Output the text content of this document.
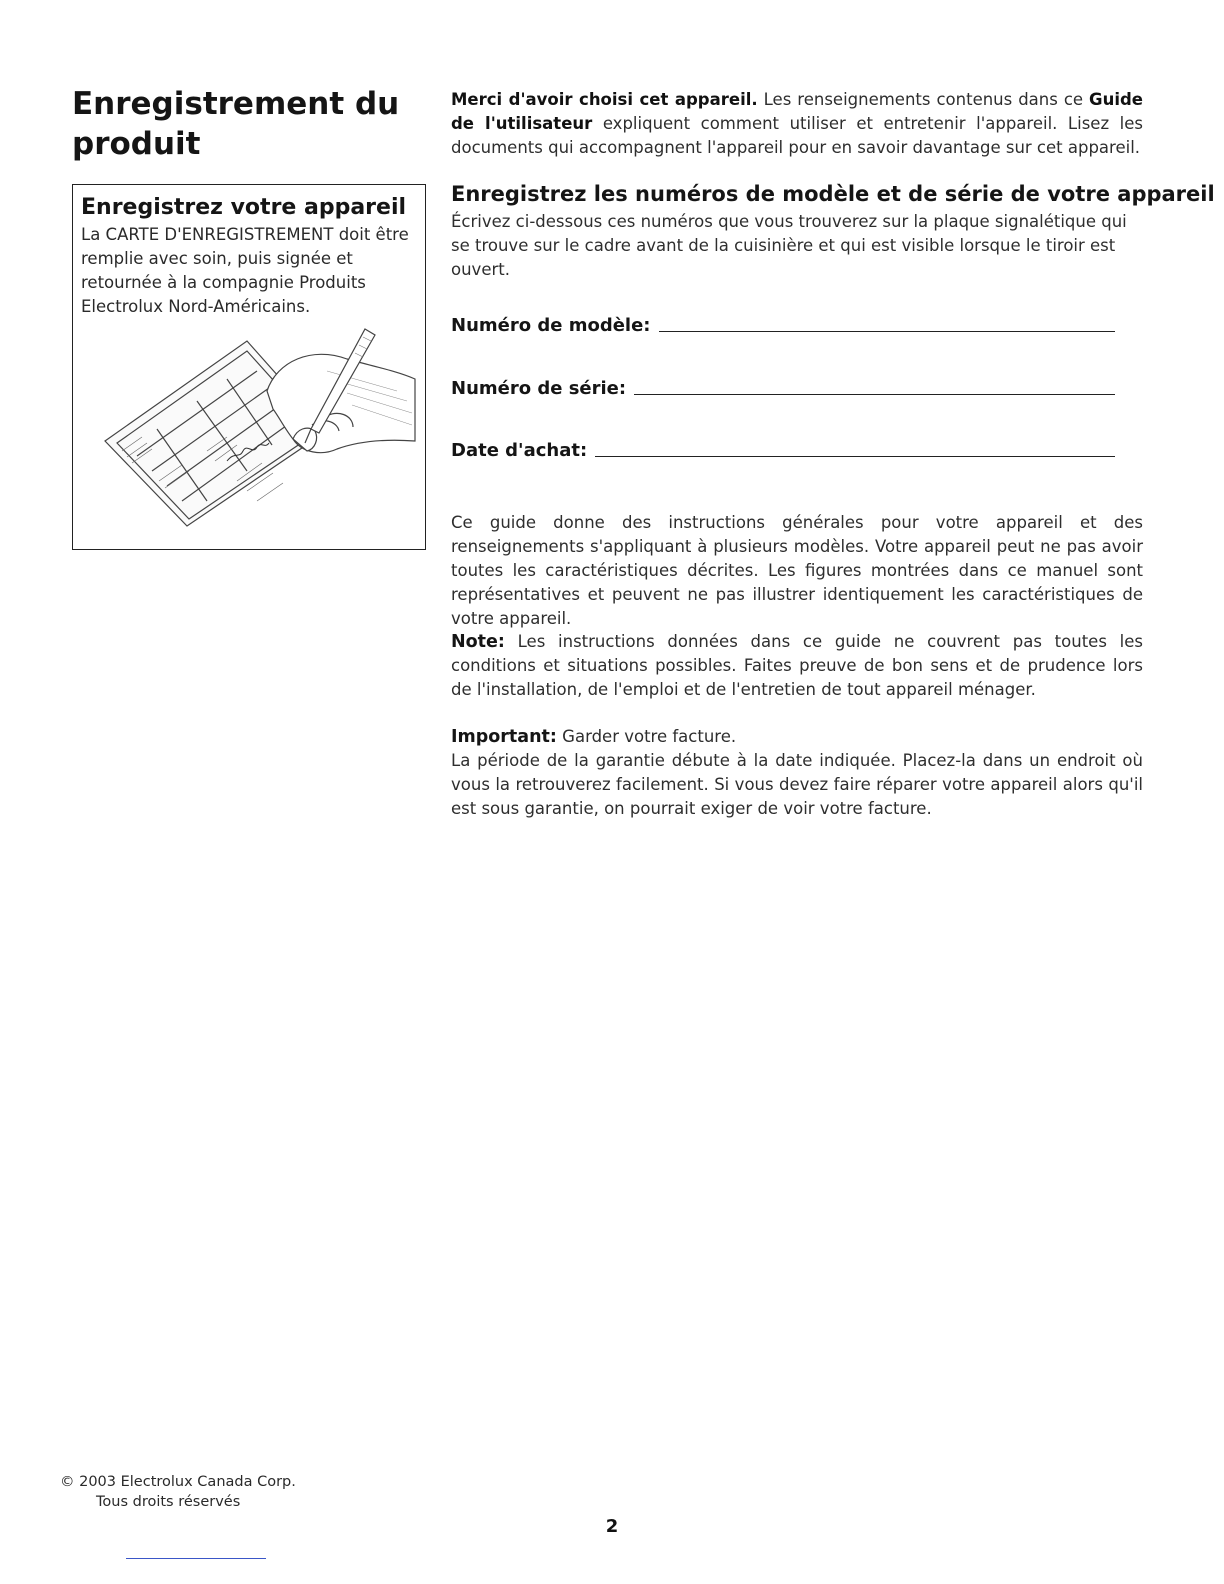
Enregistrement du produit
Enregistrez votre appareil

La CARTE D'ENREGISTREMENT doit être remplie avec soin, puis signée et retournée à la compagnie Produits Electrolux Nord-Américains.

Merci d'avoir choisi cet appareil. Les renseignements contenus dans ce Guide de l'utilisateur expliquent comment utiliser et entretenir l'appareil. Lisez les documents qui accompagnent l'appareil pour en savoir davantage sur cet appareil.

Enregistrez les numéros de modèle et de série de votre appareil

Écrivez ci-dessous ces numéros que vous trouverez sur la plaque signalétique qui se trouve sur le cadre avant de la cuisinière et qui est visible lorsque le tiroir est ouvert.

Numéro de modèle:
Numéro de série:
Date d'achat:

Ce guide donne des instructions générales pour votre appareil et des renseignements s'appliquant à plusieurs modèles. Votre appareil peut ne pas avoir toutes les caractéristiques décrites. Les figures montrées dans ce manuel sont représentatives et peuvent ne pas illustrer identiquement les caractéristiques de votre appareil.

Note: Les instructions données dans ce guide ne couvrent pas toutes les conditions et situations possibles. Faites preuve de bon sens et de prudence lors de l'installation, de l'emploi et de l'entretien de tout appareil ménager.

Important: Garder votre facture.

La période de la garantie débute à la date indiquée. Placez-la dans un endroit où vous la retrouverez facilement. Si vous devez faire réparer votre appareil alors qu'il est sous garantie, on pourrait exiger de voir votre facture.

© 2003 Electrolux Canada Corp.
Tous droits réservés
2
